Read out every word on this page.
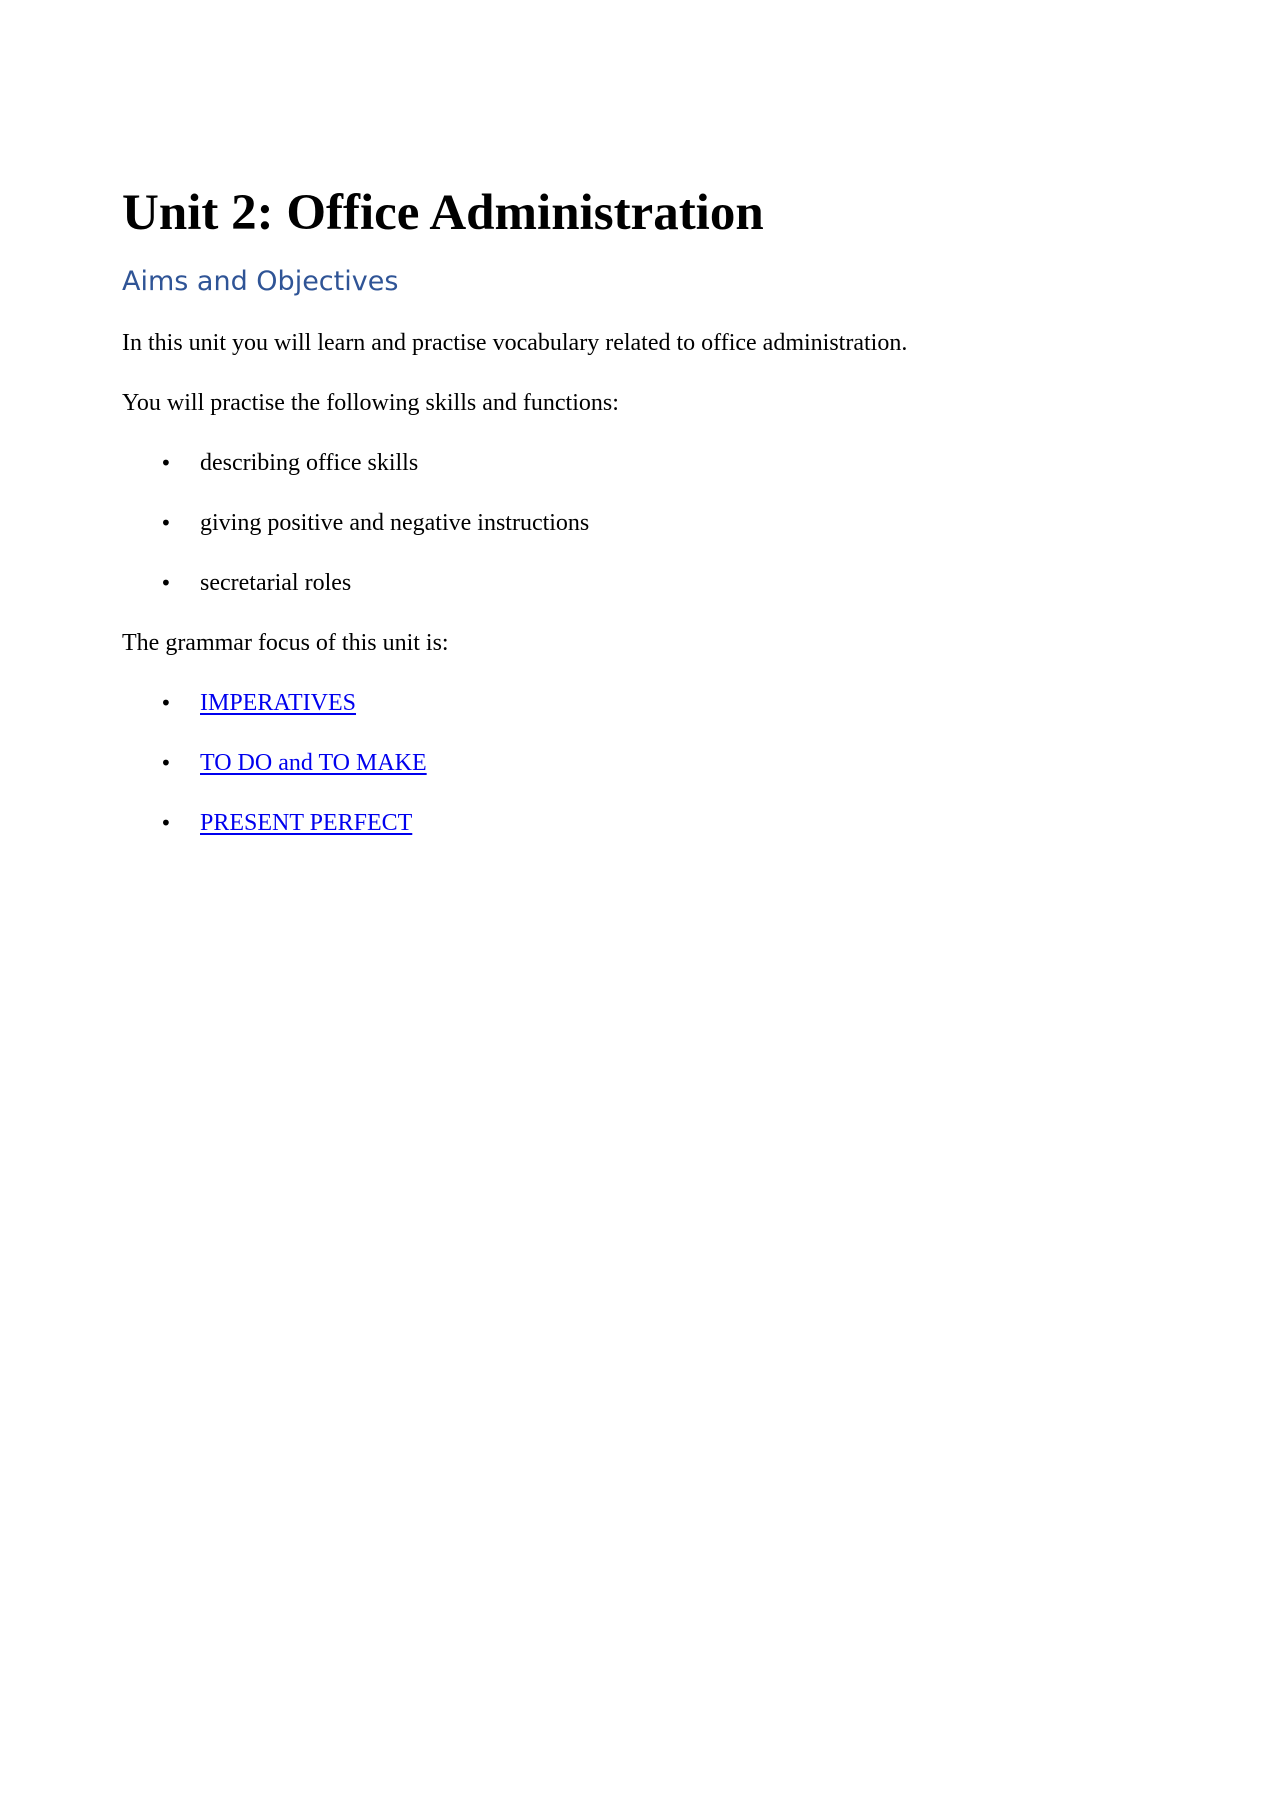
Unit 2: Office Administration
Aims and Objectives

In this unit you will learn and practise vocabulary related to office administration.

You will practise the following skills and functions:

• describing office skills
• giving positive and negative instructions
• secretarial roles

The grammar focus of this unit is:

• IMPERATIVES
• TO DO and TO MAKE
• PRESENT PERFECT
